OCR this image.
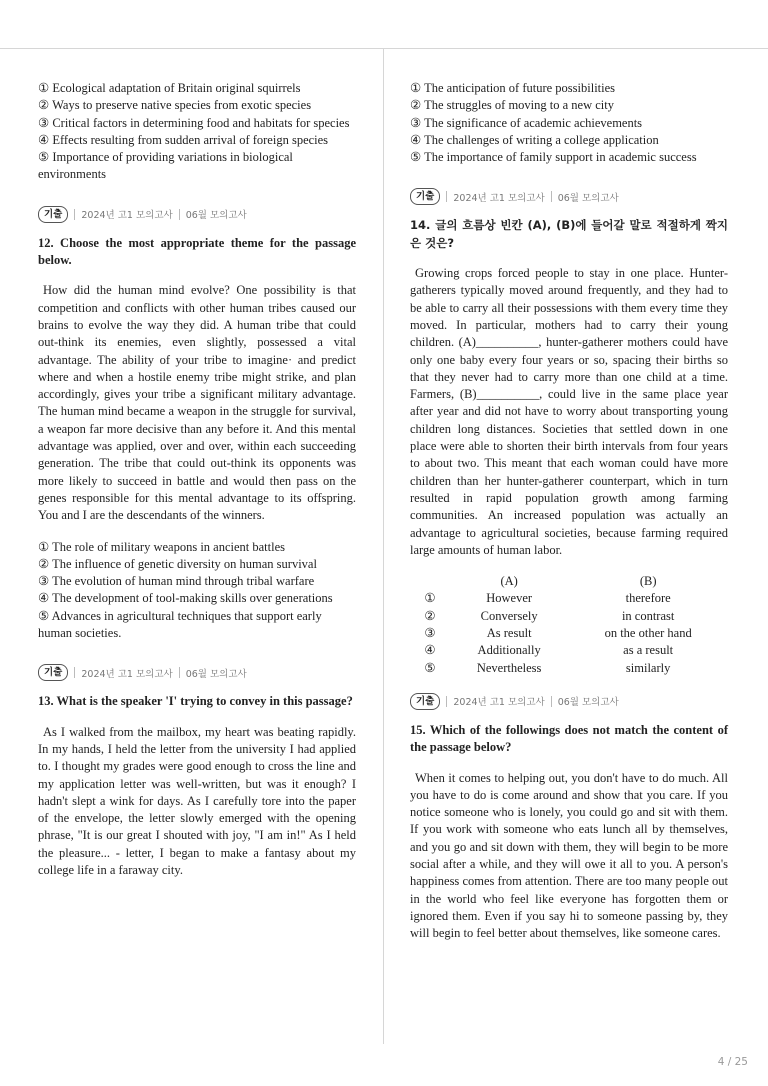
① Ecological adaptation of Britain original squirrels

② Ways to preserve native species from exotic species

③ Critical factors in determining food and habitats for species

④ Effects resulting from sudden arrival of foreign species

⑤ Importance of providing variations in biological environments

기출	2024년 고1 모의고사 06월 모의고사

12. Choose the most appropriate theme for the passage below.

How did the human mind evolve? One possibility is that competition and conflicts with other human tribes caused our brains to evolve the way they did. A human tribe that could out-think its enemies, even slightly, possessed a vital advantage. The ability of your tribe to imagine· and predict where and when a hostile enemy tribe might strike, and plan accordingly, gives your tribe a significant military advantage. The human mind became a weapon in the struggle for survival, a weapon far more decisive than any before it. And this mental advantage was applied, over and over, within each succeeding generation. The tribe that could out-think its opponents was more likely to succeed in battle and would then pass on the genes responsible for this mental advantage to its offspring. You and I are the descendants of the winners.

① The role of military weapons in ancient battles

② The influence of genetic diversity on human survival

③ The evolution of human mind through tribal warfare

④ The development of tool-making skills over generations

⑤ Advances in agricultural techniques that support early human societies.

기출	2024년 고1 모의고사 06월 모의고사

13. What is the speaker 'I' trying to convey in this passage?

As I walked from the mailbox, my heart was beating rapidly. In my hands, I held the letter from the university I had applied to. I thought my grades were good enough to cross the line and my application letter was well-written, but was it enough? I hadn't slept a wink for days. As I carefully tore into the paper of the envelope, the letter slowly emerged with the opening phrase, "It is our great I shouted with joy, "I am in!" As I held the pleasure... - letter, I began to make a fantasy about my college life in a faraway city.

① The anticipation of future possibilities

② The struggles of moving to a new city

③ The significance of academic achievements

④ The challenges of writing a college application

⑤ The importance of family support in academic success

기출	2024년 고1 모의고사 06월 모의고사

14. 글의 흐름상 빈칸 (A), (B)에 들어갈 말로 적절하게 짝지은 것은?

Growing crops forced people to stay in one place. Hunter-gatherers typically moved around frequently, and they had to be able to carry all their possessions with them every time they moved. In particular, mothers had to carry their young children. (A)__________, hunter-gatherer mothers could have only one baby every four years or so, spacing their births so that they never had to carry more than one child at a time. Farmers, (B)__________, could live in the same place year after year and did not have to worry about transporting young children long distances. Societies that settled down in one place were able to shorten their birth intervals from four years to about two. This meant that each woman could have more children than her hunter-gatherer counterpart, which in turn resulted in rapid population growth among farming communities. An increased population was actually an advantage to agricultural societies, because farming required large amounts of human labor.

	(A)	(B)
①	However	therefore
②	Conversely	in contrast
③	As result	on the other hand
④	Additionally	as a result
⑤	Nevertheless	similarly
기출	2024년 고1 모의고사 06월 모의고사

15. Which of the followings does not match the content of the passage below?

When it comes to helping out, you don't have to do much. All you have to do is come around and show that you care. If you notice someone who is lonely, you could go and sit with them. If you work with someone who eats lunch all by themselves, and you go and sit down with them, they will begin to be more social after a while, and they will owe it all to you. A person's happiness comes from attention. There are too many people out in the world who feel like everyone has forgotten them or ignored them. Even if you say hi to someone passing by, they will begin to feel better about themselves, like someone cares.

4 / 25
